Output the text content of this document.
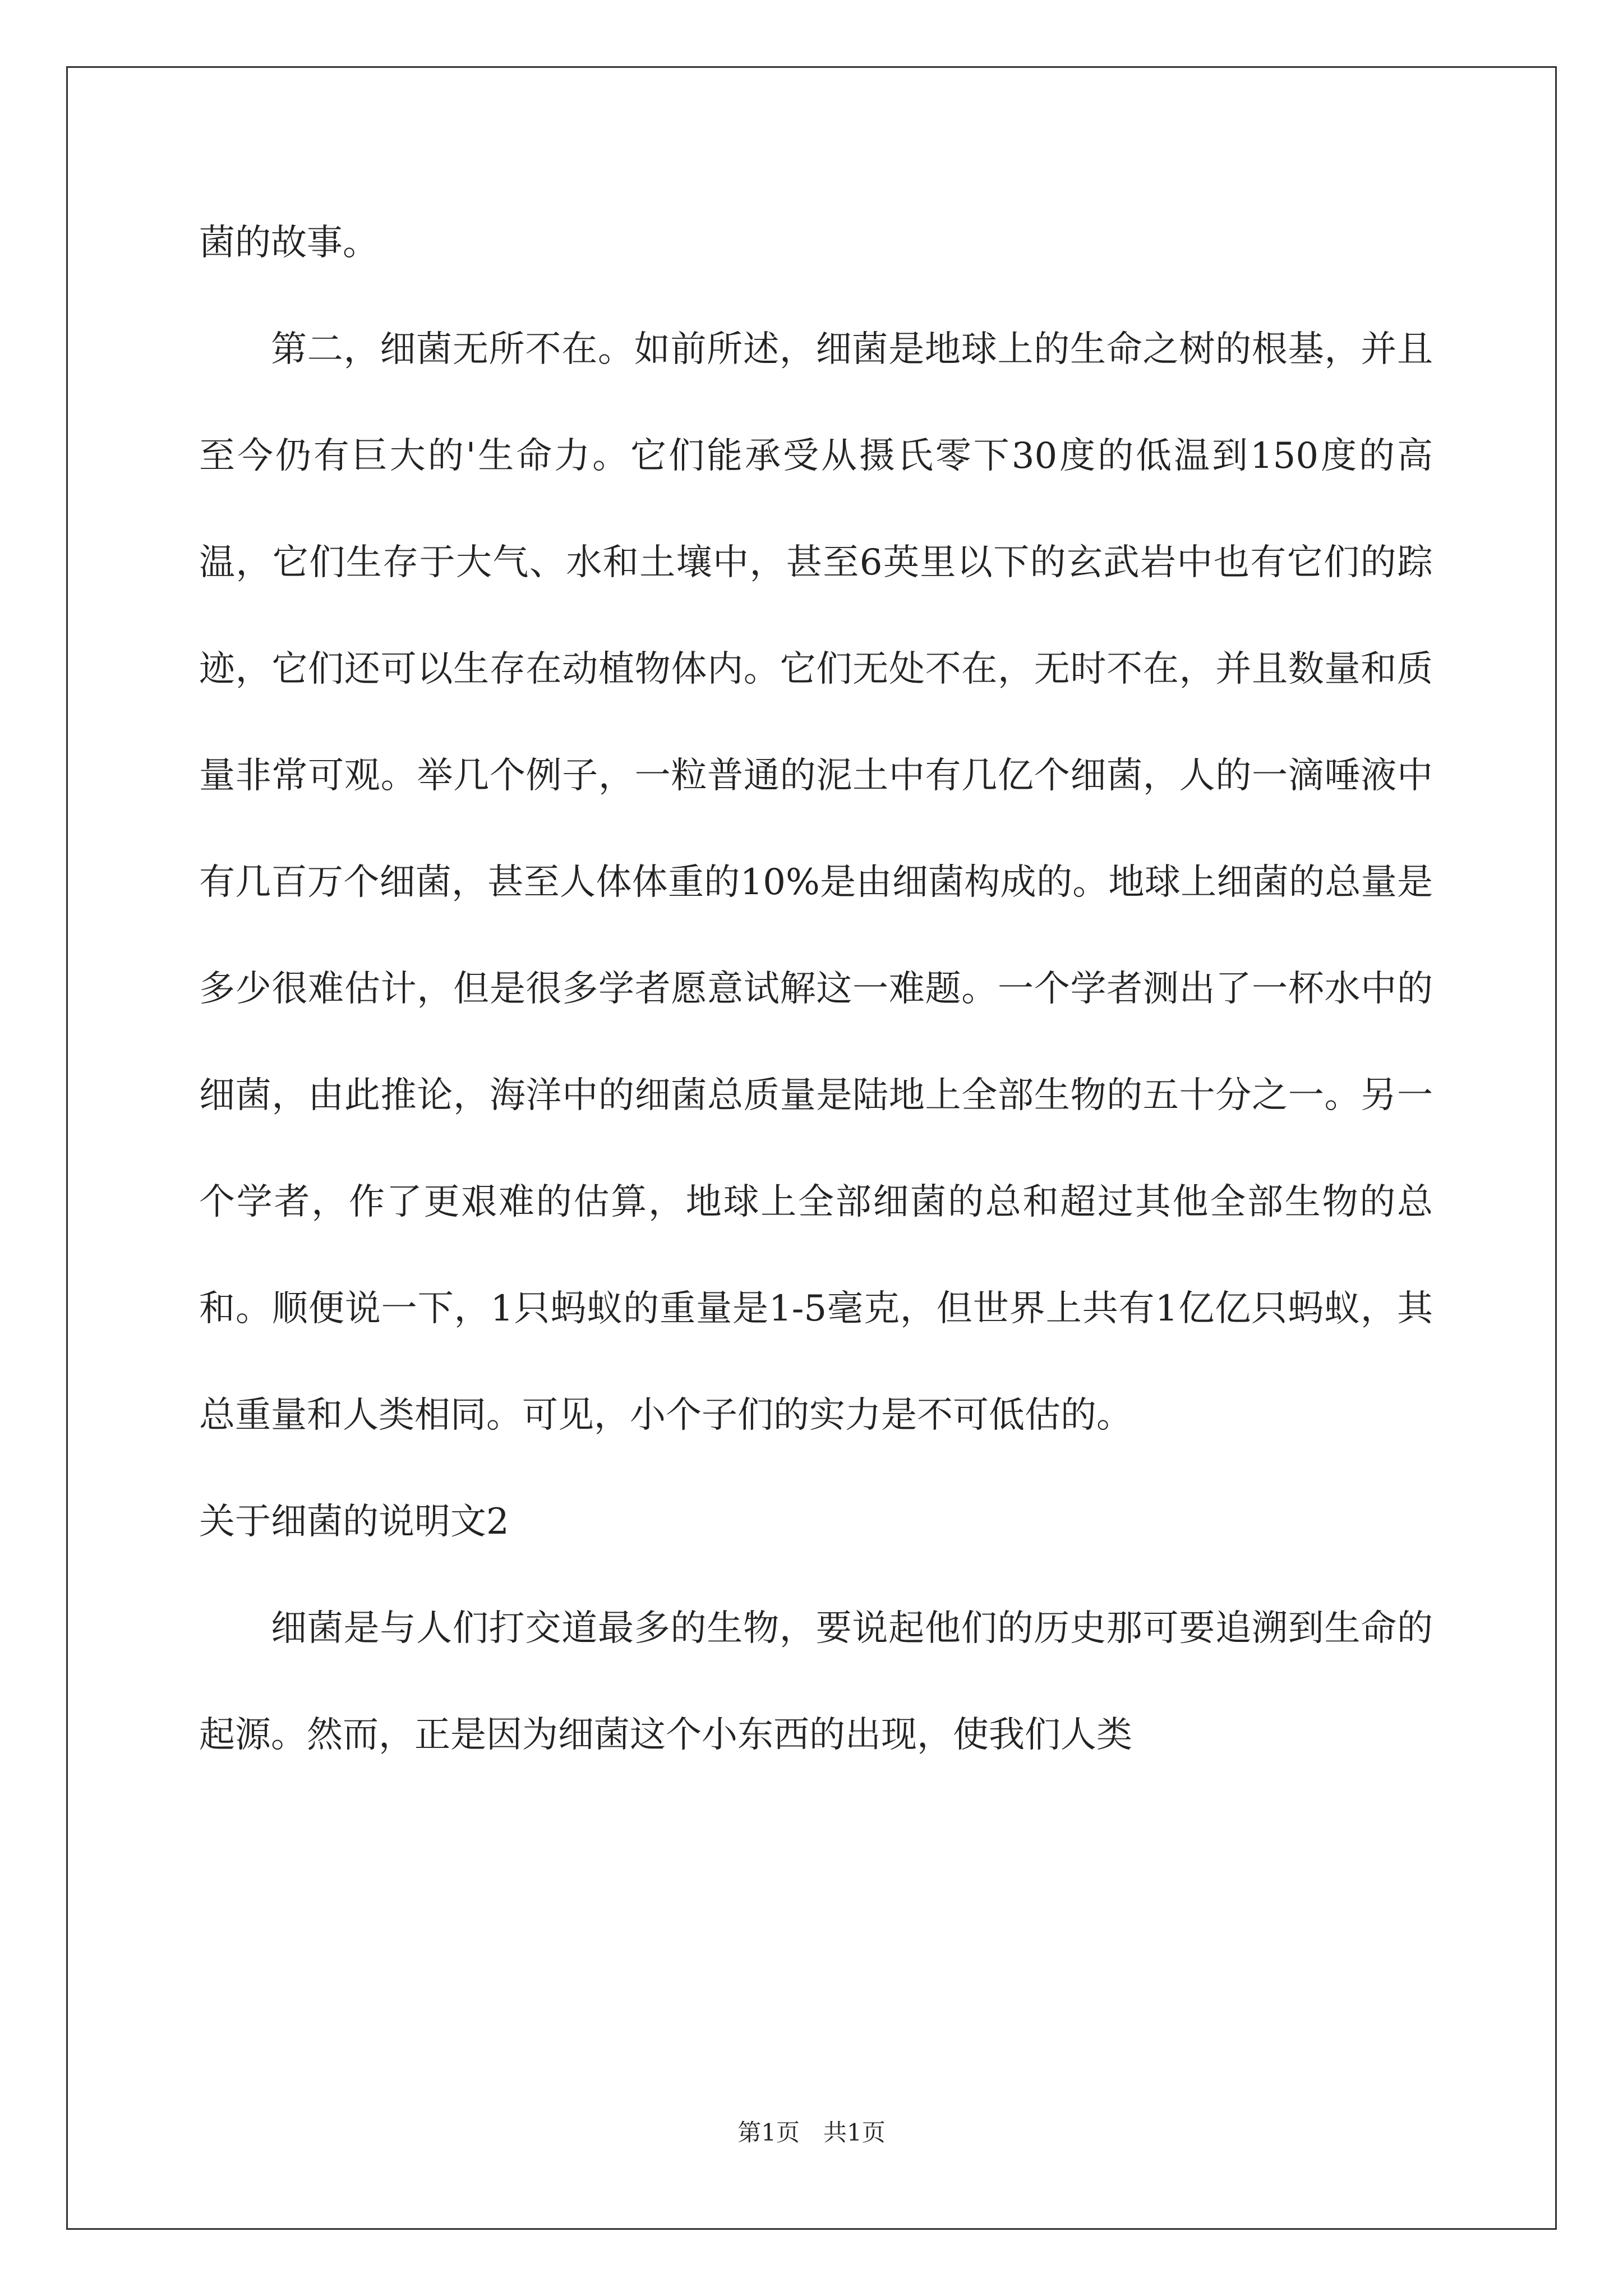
菌的故事。

第二，细菌无所不在。如前所述，细菌是地球上的生命之树的根基，并且至今仍有巨大的'生命力。它们能承受从摄氏零下30度的低温到150度的高温，它们生存于大气、水和土壤中，甚至6英里以下的玄武岩中也有它们的踪迹，它们还可以生存在动植物体内。它们无处不在，无时不在，并且数量和质量非常可观。举几个例子，一粒普通的泥土中有几亿个细菌，人的一滴唾液中有几百万个细菌，甚至人体体重的10%是由细菌构成的。地球上细菌的总量是多少很难估计，但是很多学者愿意试解这一难题。一个学者测出了一杯水中的细菌，由此推论，海洋中的细菌总质量是陆地上全部生物的五十分之一。另一个学者，作了更艰难的估算，地球上全部细菌的总和超过其他全部生物的总和。顺便说一下，1只蚂蚁的重量是1-5毫克，但世界上共有1亿亿只蚂蚁，其总重量和人类相同。可见，小个子们的实力是不可低估的。

关于细菌的说明文2

细菌是与人们打交道最多的生物，要说起他们的历史那可要追溯到生命的起源。然而，正是因为细菌这个小东西的出现，使我们人类

第1页　共1页
